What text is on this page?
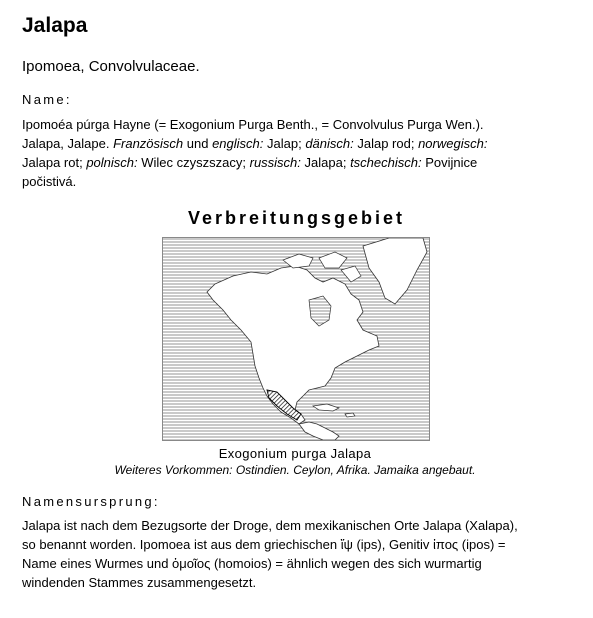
Jalapa
Ipomoea, Convolvulaceae.
Name:
Ipomoéa púrga Hayne (= Exogonium Purga Benth., = Convolvulus Purga Wen.).
Jalapa, Jalape. Französisch und englisch: Jalap; dänisch: Jalap rod; norwegisch:
Jalapa rot; polnisch: Wilec czyszszacy; russisch: Jalapa; tschechisch: Povijnice
počistivá.
Verbreitungsgebiet
Exogonium purga Jalapa
Weiteres Vorkommen: Ostindien. Ceylon, Afrika. Jamaika angebaut.
Namensursprung:
Jalapa ist nach dem Bezugsorte der Droge, dem mexikanischen Orte Jalapa (Xalapa),
so benannt worden. Ipomoea ist aus dem griechischen ἴψ (ips), Genitiv ἰπος (ipos) =
Name eines Wurmes und ὁμοῖος (homoios) = ähnlich wegen des sich wurmartig
windenden Stammes zusammengesetzt.
